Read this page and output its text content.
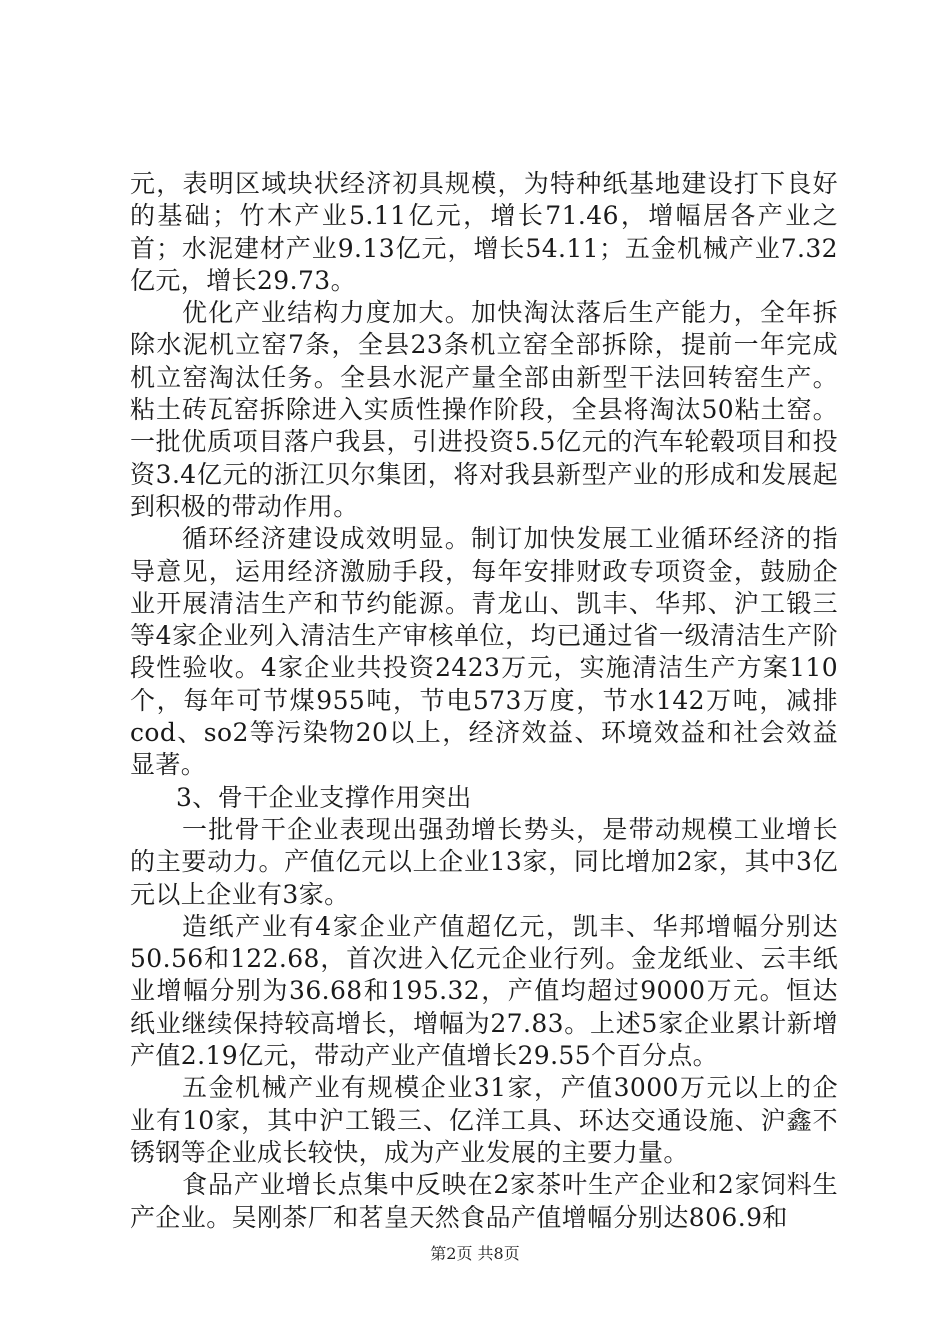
元，表明区域块状经济初具规模，为特种纸基地建设打下良好的基础；竹木产业5.11亿元，增长71.46，增幅居各产业之首；水泥建材产业9.13亿元，增长54.11；五金机械产业7.32亿元，增长29.73。

优化产业结构力度加大。加快淘汰落后生产能力，全年拆除水泥机立窑7条，全县23条机立窑全部拆除，提前一年完成机立窑淘汰任务。全县水泥产量全部由新型干法回转窑生产。粘土砖瓦窑拆除进入实质性操作阶段，全县将淘汰50粘土窑。一批优质项目落户我县，引进投资5.5亿元的汽车轮毂项目和投资3.4亿元的浙江贝尔集团，将对我县新型产业的形成和发展起到积极的带动作用。

循环经济建设成效明显。制订加快发展工业循环经济的指导意见，运用经济激励手段，每年安排财政专项资金，鼓励企业开展清洁生产和节约能源。青龙山、凯丰、华邦、沪工锻三等4家企业列入清洁生产审核单位，均已通过省一级清洁生产阶段性验收。4家企业共投资2423万元，实施清洁生产方案110个，每年可节煤955吨，节电573万度，节水142万吨，减排cod、so2等污染物20以上，经济效益、环境效益和社会效益显著。

3、骨干企业支撑作用突出

一批骨干企业表现出强劲增长势头，是带动规模工业增长的主要动力。产值亿元以上企业13家，同比增加2家，其中3亿元以上企业有3家。

造纸产业有4家企业产值超亿元，凯丰、华邦增幅分别达50.56和122.68，首次进入亿元企业行列。金龙纸业、云丰纸业增幅分别为36.68和195.32，产值均超过9000万元。恒达纸业继续保持较高增长，增幅为27.83。上述5家企业累计新增产值2.19亿元，带动产业产值增长29.55个百分点。

五金机械产业有规模企业31家，产值3000万元以上的企业有10家，其中沪工锻三、亿洋工具、环达交通设施、沪鑫不锈钢等企业成长较快，成为产业发展的主要力量。

食品产业增长点集中反映在2家茶叶生产企业和2家饲料生产企业。吴刚茶厂和茗皇天然食品产值增幅分别达806.9和

第2页 共8页
